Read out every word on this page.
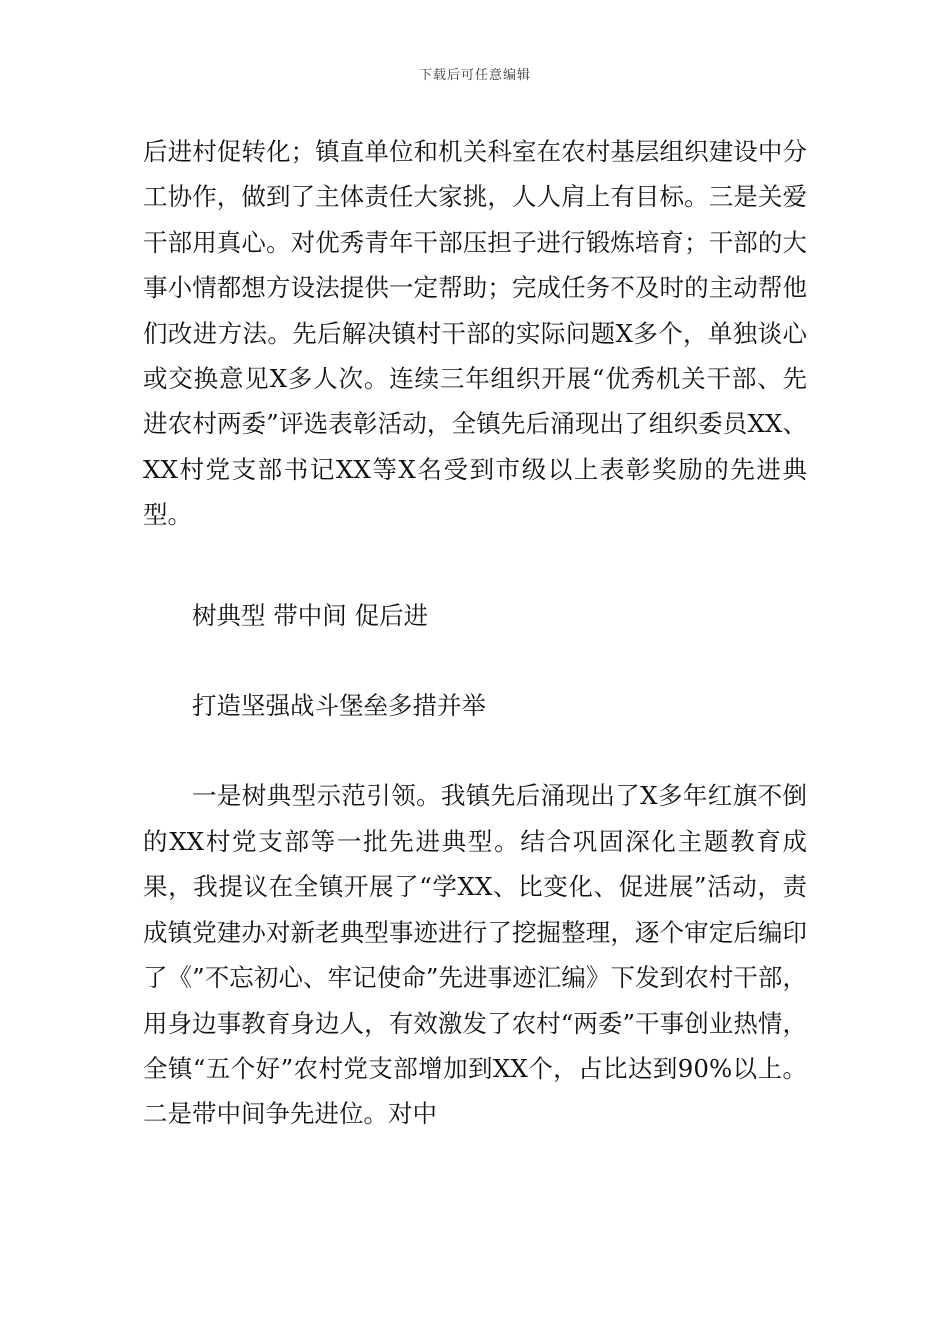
下载后可任意编辑

后进村促转化；镇直单位和机关科室在农村基层组织建设中分工协作，做到了主体责任大家挑，人人肩上有目标。三是关爱干部用真心。对优秀青年干部压担子进行锻炼培育；干部的大事小情都想方设法提供一定帮助；完成任务不及时的主动帮他们改进方法。先后解决镇村干部的实际问题X多个，单独谈心或交换意见X多人次。连续三年组织开展“优秀机关干部、先进农村两委”评选表彰活动，全镇先后涌现出了组织委员XX、XX村党支部书记XX等X名受到市级以上表彰奖励的先进典型。

树典型 带中间 促后进

打造坚强战斗堡垒多措并举

一是树典型示范引领。我镇先后涌现出了X多年红旗不倒的XX村党支部等一批先进典型。结合巩固深化主题教育成果，我提议在全镇开展了“学XX、比变化、促进展”活动，责成镇党建办对新老典型事迹进行了挖掘整理，逐个审定后编印了《”不忘初心、牢记使命”先进事迹汇编》下发到农村干部，用身边事教育身边人，有效激发了农村“两委”干事创业热情，全镇“五个好”农村党支部增加到XX个，占比达到90%以上。二是带中间争先进位。对中
